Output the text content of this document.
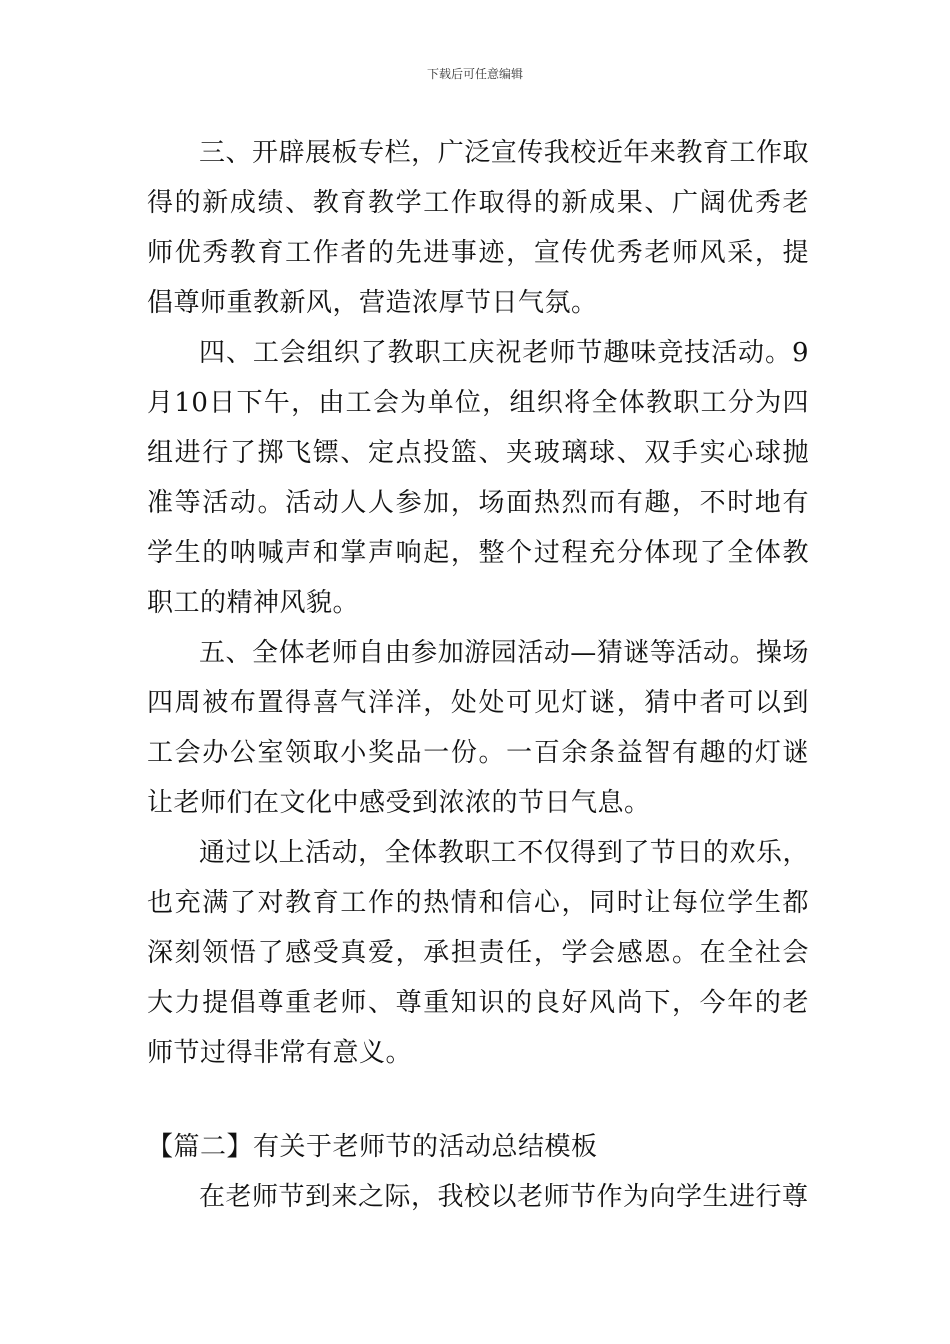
下载后可任意编辑

三、开辟展板专栏，广泛宣传我校近年来教育工作取得的新成绩、教育教学工作取得的新成果、广阔优秀老师优秀教育工作者的先进事迹，宣传优秀老师风采，提倡尊师重教新风，营造浓厚节日气氛。

四、工会组织了教职工庆祝老师节趣味竞技活动。9月10日下午，由工会为单位，组织将全体教职工分为四组进行了掷飞镖、定点投篮、夹玻璃球、双手实心球抛准等活动。活动人人参加，场面热烈而有趣，不时地有学生的呐喊声和掌声响起，整个过程充分体现了全体教职工的精神风貌。

五、全体老师自由参加游园活动—猜谜等活动。操场四周被布置得喜气洋洋，处处可见灯谜，猜中者可以到工会办公室领取小奖品一份。一百余条益智有趣的灯谜让老师们在文化中感受到浓浓的节日气息。

通过以上活动，全体教职工不仅得到了节日的欢乐，也充满了对教育工作的热情和信心，同时让每位学生都深刻领悟了感受真爱，承担责任，学会感恩。在全社会大力提倡尊重老师、尊重知识的良好风尚下，今年的老师节过得非常有意义。

【篇二】有关于老师节的活动总结模板

在老师节到来之际，我校以老师节作为向学生进行尊
